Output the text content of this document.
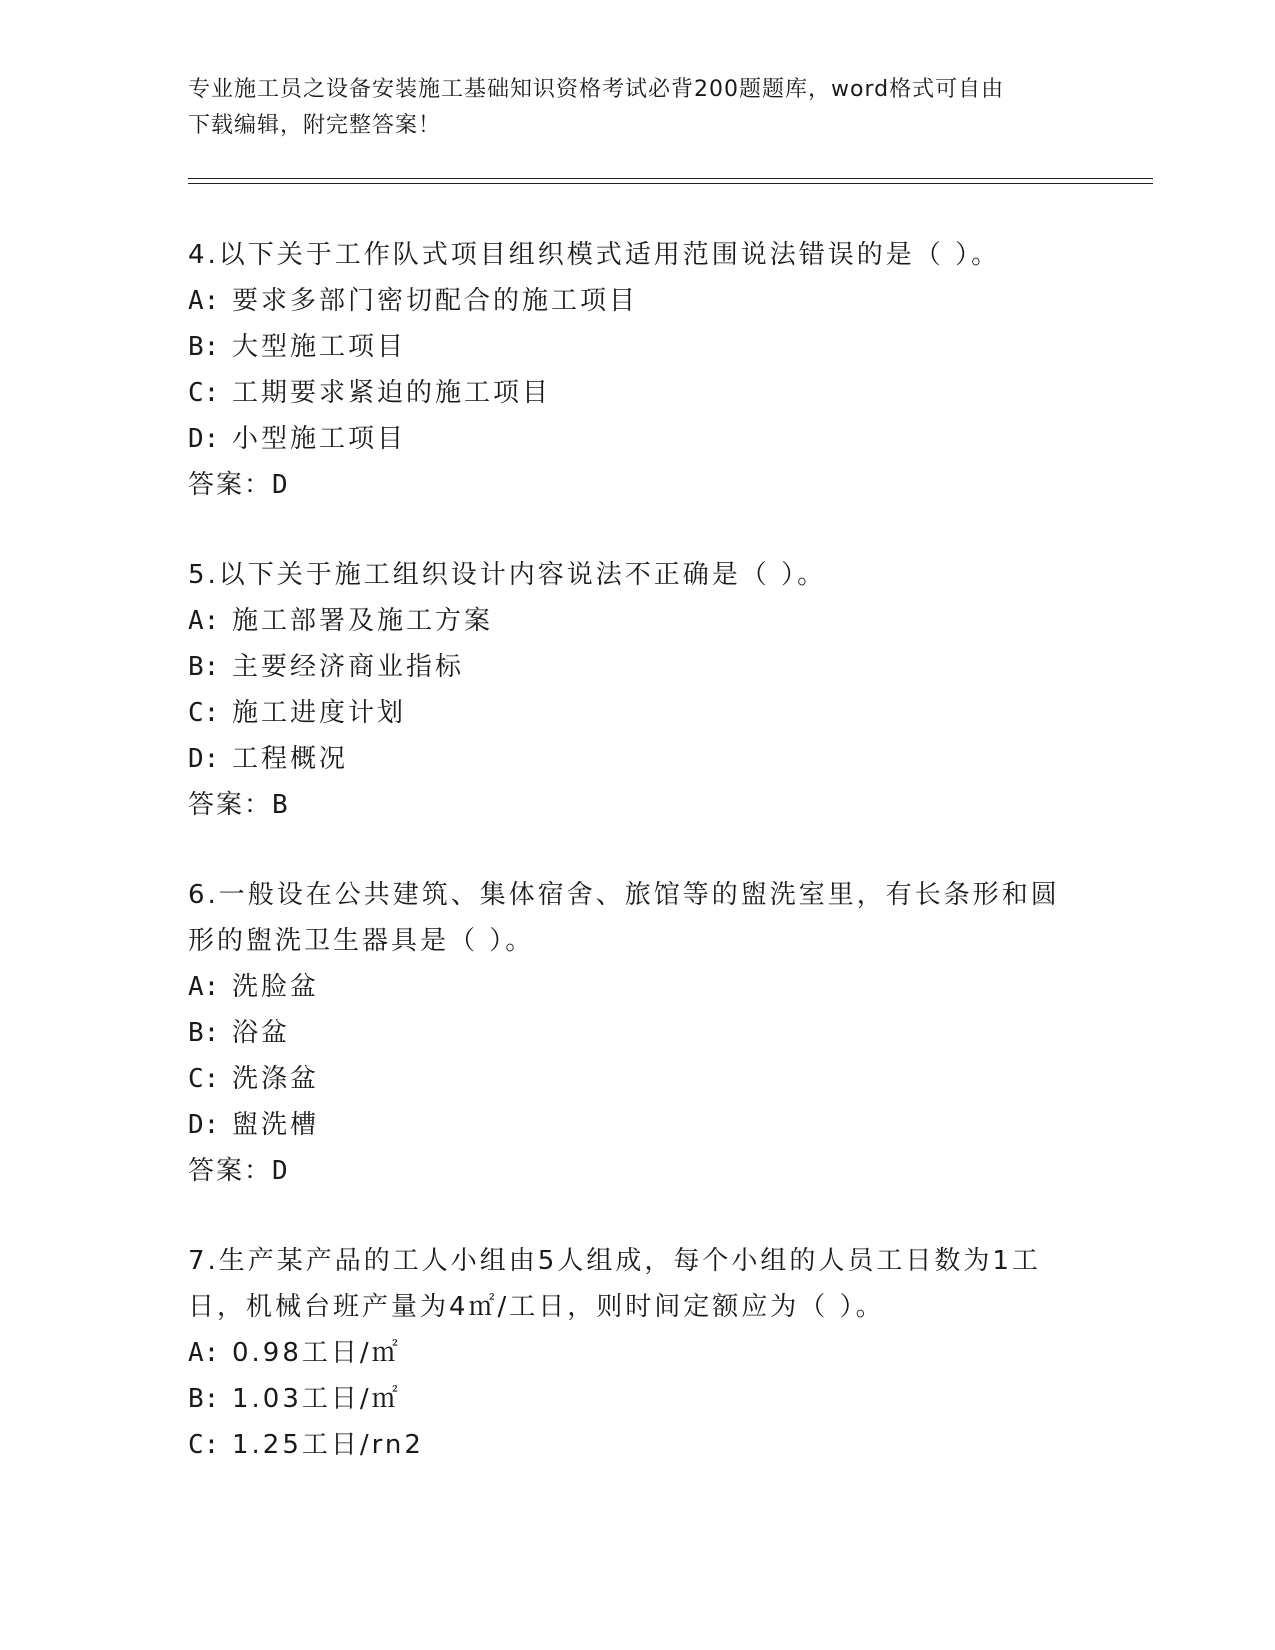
专业施工员之设备安装施工基础知识资格考试必背200题题库，word格式可自由
下载编辑，附完整答案！
4.以下关于工作队式项目组织模式适用范围说法错误的是（ ）。
A: 要求多部门密切配合的施工项目
B: 大型施工项目
C: 工期要求紧迫的施工项目
D: 小型施工项目
答案：D
5.以下关于施工组织设计内容说法不正确是（ ）。
A: 施工部署及施工方案
B: 主要经济商业指标
C: 施工进度计划
D: 工程概况
答案：B
6.一般设在公共建筑、集体宿舍、旅馆等的盥洗室里，有长条形和圆形的盥洗卫生器具是（ ）。
A: 洗脸盆
B: 浴盆
C: 洗涤盆
D: 盥洗槽
答案：D
7.生产某产品的工人小组由5人组成，每个小组的人员工日数为1工日，机械台班产量为4㎡/工日，则时间定额应为（ ）。
A: 0.98工日/㎡
B: 1.03工日/㎡
C: 1.25工日/rn2
